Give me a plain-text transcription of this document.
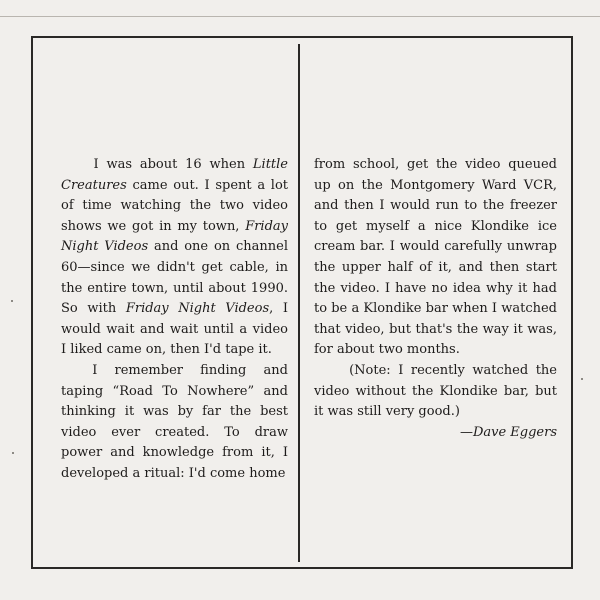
I was about 16 when Little Creatures came out. I spent a lot of time watching the two video shows we got in my town, Friday Night Videos and one on channel 60—since we didn't get cable, in the entire town, until about 1990. So with Friday Night Videos, I would wait and wait until a video I liked came on, then I'd tape it.

I remember finding and taping “Road To Nowhere” and thinking it was by far the best video ever created. To draw power and knowledge from it, I developed a ritual: I'd come home

from school, get the video queued up on the Montgomery Ward VCR, and then I would run to the freezer to get myself a nice Klondike ice cream bar. I would carefully unwrap the upper half of it, and then start the video. I have no idea why it had to be a Klondike bar when I watched that video, but that's the way it was, for about two months.

(Note: I recently watched the video without the Klondike bar, but it was still very good.)

—Dave Eggers
